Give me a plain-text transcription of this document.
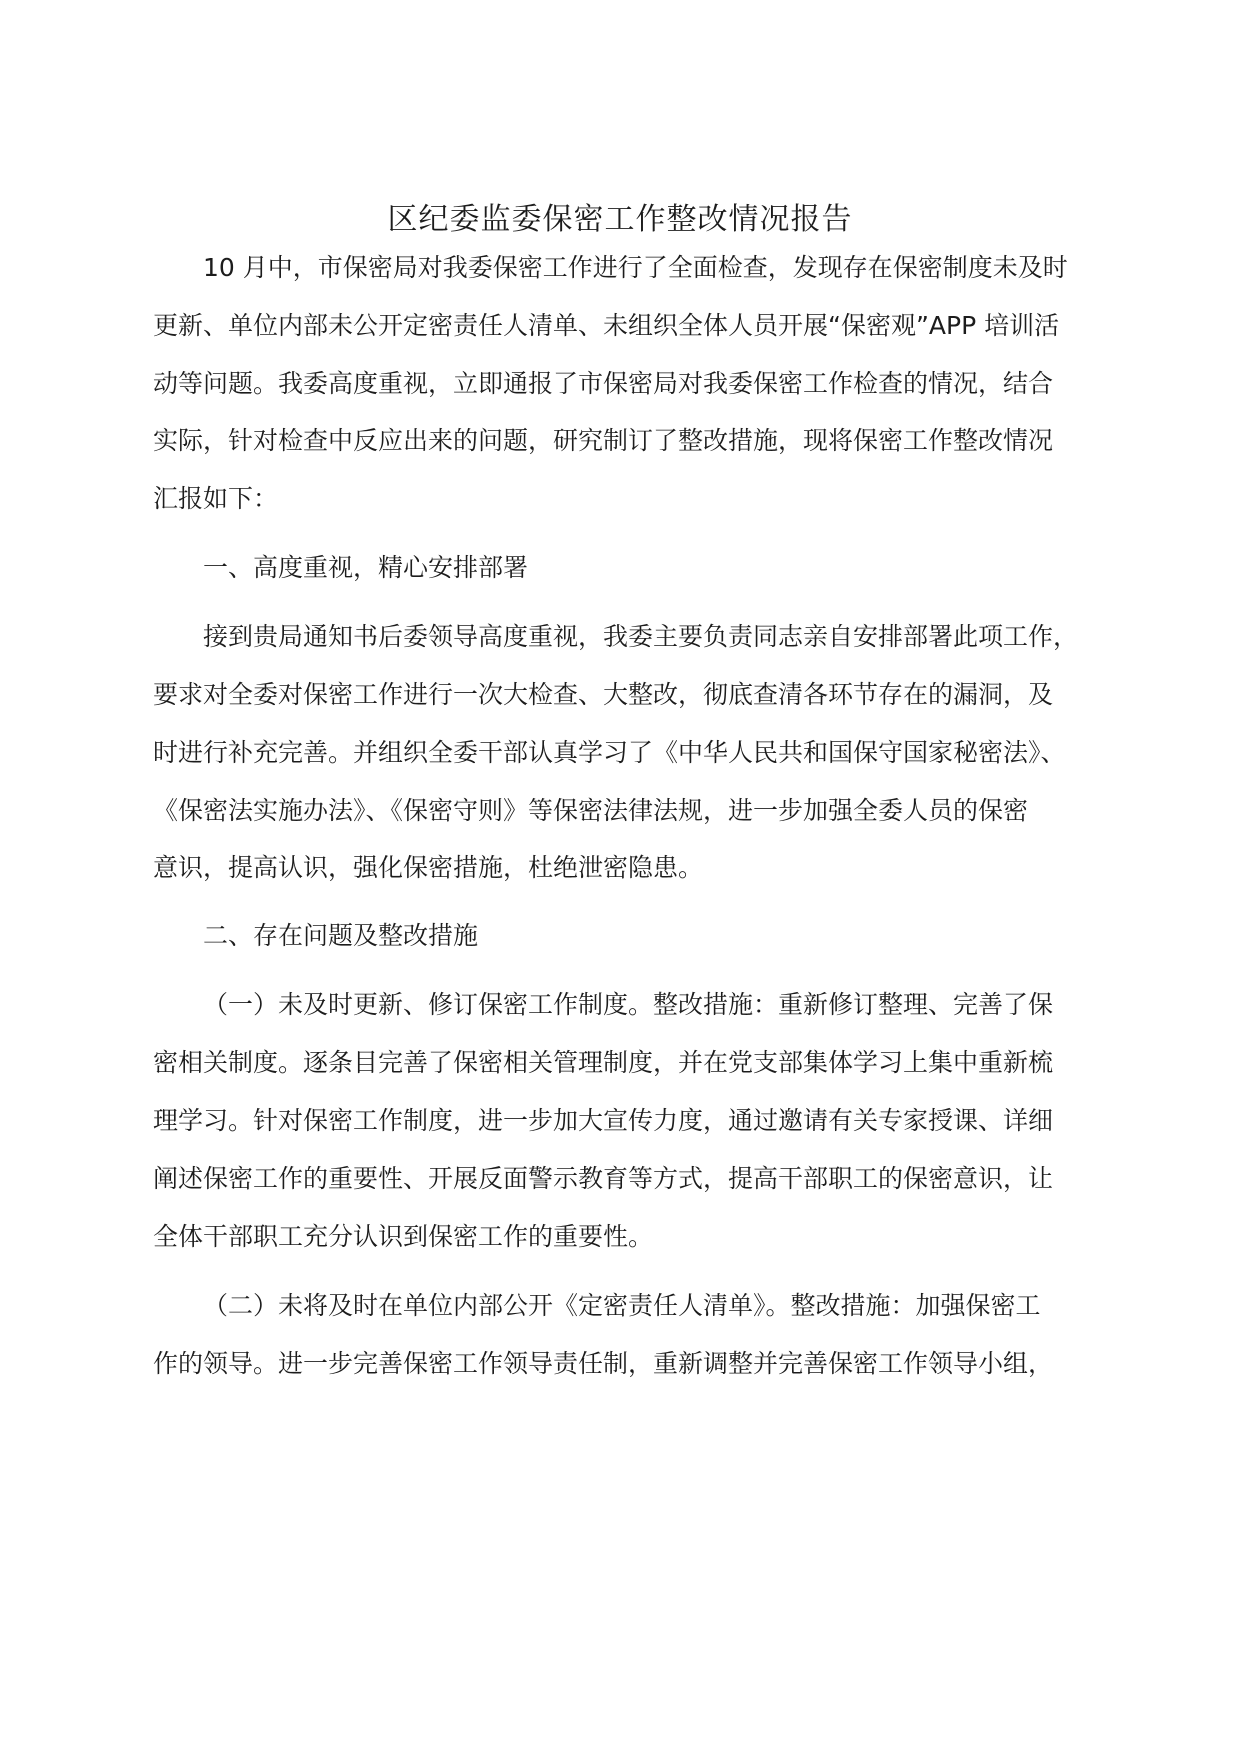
区纪委监委保密工作整改情况报告

10 月中，市保密局对我委保密工作进行了全面检查，发现存在保密制度未及时

更新、单位内部未公开定密责任人清单、未组织全体人员开展“保密观”APP 培训活

动等问题。我委高度重视，立即通报了市保密局对我委保密工作检查的情况，结合

实际，针对检查中反应出来的问题，研究制订了整改措施，现将保密工作整改情况

汇报如下：

一、高度重视，精心安排部署

接到贵局通知书后委领导高度重视，我委主要负责同志亲自安排部署此项工作，

要求对全委对保密工作进行一次大检查、大整改，彻底查清各环节存在的漏洞，及

时进行补充完善。并组织全委干部认真学习了《中华人民共和国保守国家秘密法》、

《保密法实施办法》、《保密守则》等保密法律法规，进一步加强全委人员的保密

意识，提高认识，强化保密措施，杜绝泄密隐患。

二、存在问题及整改措施

（一）未及时更新、修订保密工作制度。整改措施：重新修订整理、完善了保

密相关制度。逐条目完善了保密相关管理制度，并在党支部集体学习上集中重新梳

理学习。针对保密工作制度，进一步加大宣传力度，通过邀请有关专家授课、详细

阐述保密工作的重要性、开展反面警示教育等方式，提高干部职工的保密意识，让

全体干部职工充分认识到保密工作的重要性。

（二）未将及时在单位内部公开《定密责任人清单》。整改措施：加强保密工

作的领导。进一步完善保密工作领导责任制，重新调整并完善保密工作领导小组，
